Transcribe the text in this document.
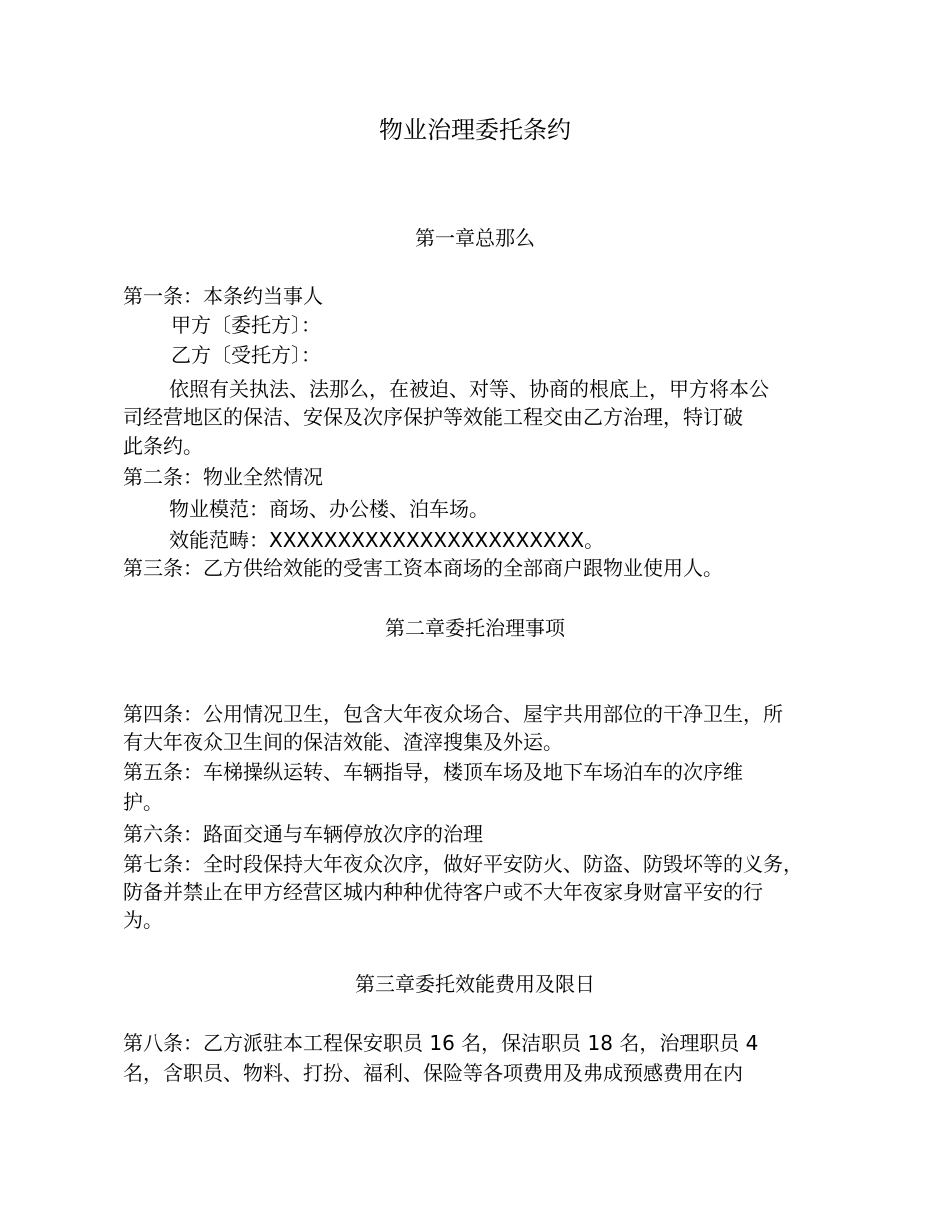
物业治理委托条约
第一章总那么
第一条：本条约当事人
甲方〔委托方〕：
乙方〔受托方〕：
依照有关执法、法那么，在被迫、对等、协商的根底上，甲方将本公
司经营地区的保洁、安保及次序保护等效能工程交由乙方治理，特订破
此条约。
第二条：物业全然情况
物业模范：商场、办公楼、泊车场。
效能范畴：XXXXXXXXXXXXXXXXXXXXXXX。
第三条：乙方供给效能的受害工资本商场的全部商户跟物业使用人。
第二章委托治理事项
第四条：公用情况卫生，包含大年夜众场合、屋宇共用部位的干净卫生，所
有大年夜众卫生间的保洁效能、渣滓搜集及外运。
第五条：车梯操纵运转、车辆指导，楼顶车场及地下车场泊车的次序维
护。
第六条：路面交通与车辆停放次序的治理
第七条：全时段保持大年夜众次序，做好平安防火、防盗、防毁坏等的义务，
防备并禁止在甲方经营区城内种种优待客户或不大年夜家身财富平安的行
为。
第三章委托效能费用及限日
第八条：乙方派驻本工程保安职员 16 名，保洁职员 18 名，治理职员 4
名，含职员、物料、打扮、福利、保险等各项费用及弗成预感费用在内
